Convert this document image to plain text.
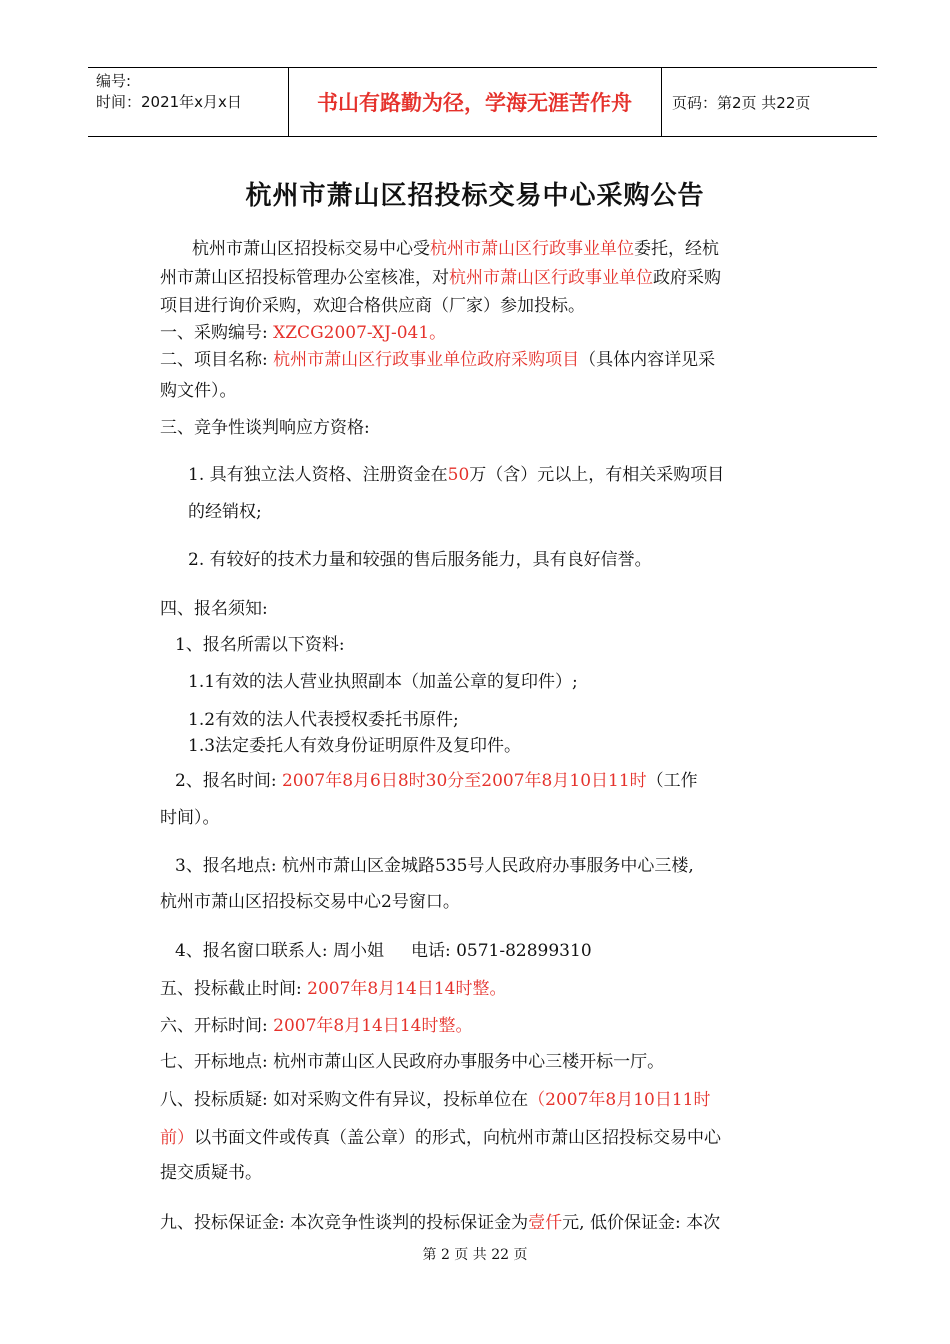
编号:
时间：2021年x月x日	书山有路勤为径，学海无涯苦作舟	页码：第2页 共22页
杭州市萧山区招投标交易中心采购公告
杭州市萧山区招投标交易中心受杭州市萧山区行政事业单位委托，经杭
州市萧山区招投标管理办公室核准，对杭州市萧山区行政事业单位政府采购
项目进行询价采购，欢迎合格供应商（厂家）参加投标。
一、采购编号: XZCG2007-XJ-041。
二、项目名称: 杭州市萧山区行政事业单位政府采购项目（具体内容详见采
购文件）。
三、竞争性谈判响应方资格:
1. 具有独立法人资格、注册资金在50万（含）元以上，有相关采购项目
的经销权;
2. 有较好的技术力量和较强的售后服务能力，具有良好信誉。
四、报名须知:
1、报名所需以下资料:
1.1有效的法人营业执照副本（加盖公章的复印件）;
1.2有效的法人代表授权委托书原件;
1.3法定委托人有效身份证明原件及复印件。
2、报名时间: 2007年8月6日8时30分至2007年8月10日11时（工作
时间）。
3、报名地点: 杭州市萧山区金城路535号人民政府办事服务中心三楼,
杭州市萧山区招投标交易中心2号窗口。
4、报名窗口联系人: 周小姐     电话: 0571-82899310
五、投标截止时间: 2007年8月14日14时整。
六、开标时间: 2007年8月14日14时整。
七、开标地点: 杭州市萧山区人民政府办事服务中心三楼开标一厅。
八、投标质疑: 如对采购文件有异议，投标单位在（2007年8月10日11时
前）以书面文件或传真（盖公章）的形式，向杭州市萧山区招投标交易中心
提交质疑书。
九、投标保证金: 本次竞争性谈判的投标保证金为壹仟元, 低价保证金: 本次
第 2 页 共 22 页
